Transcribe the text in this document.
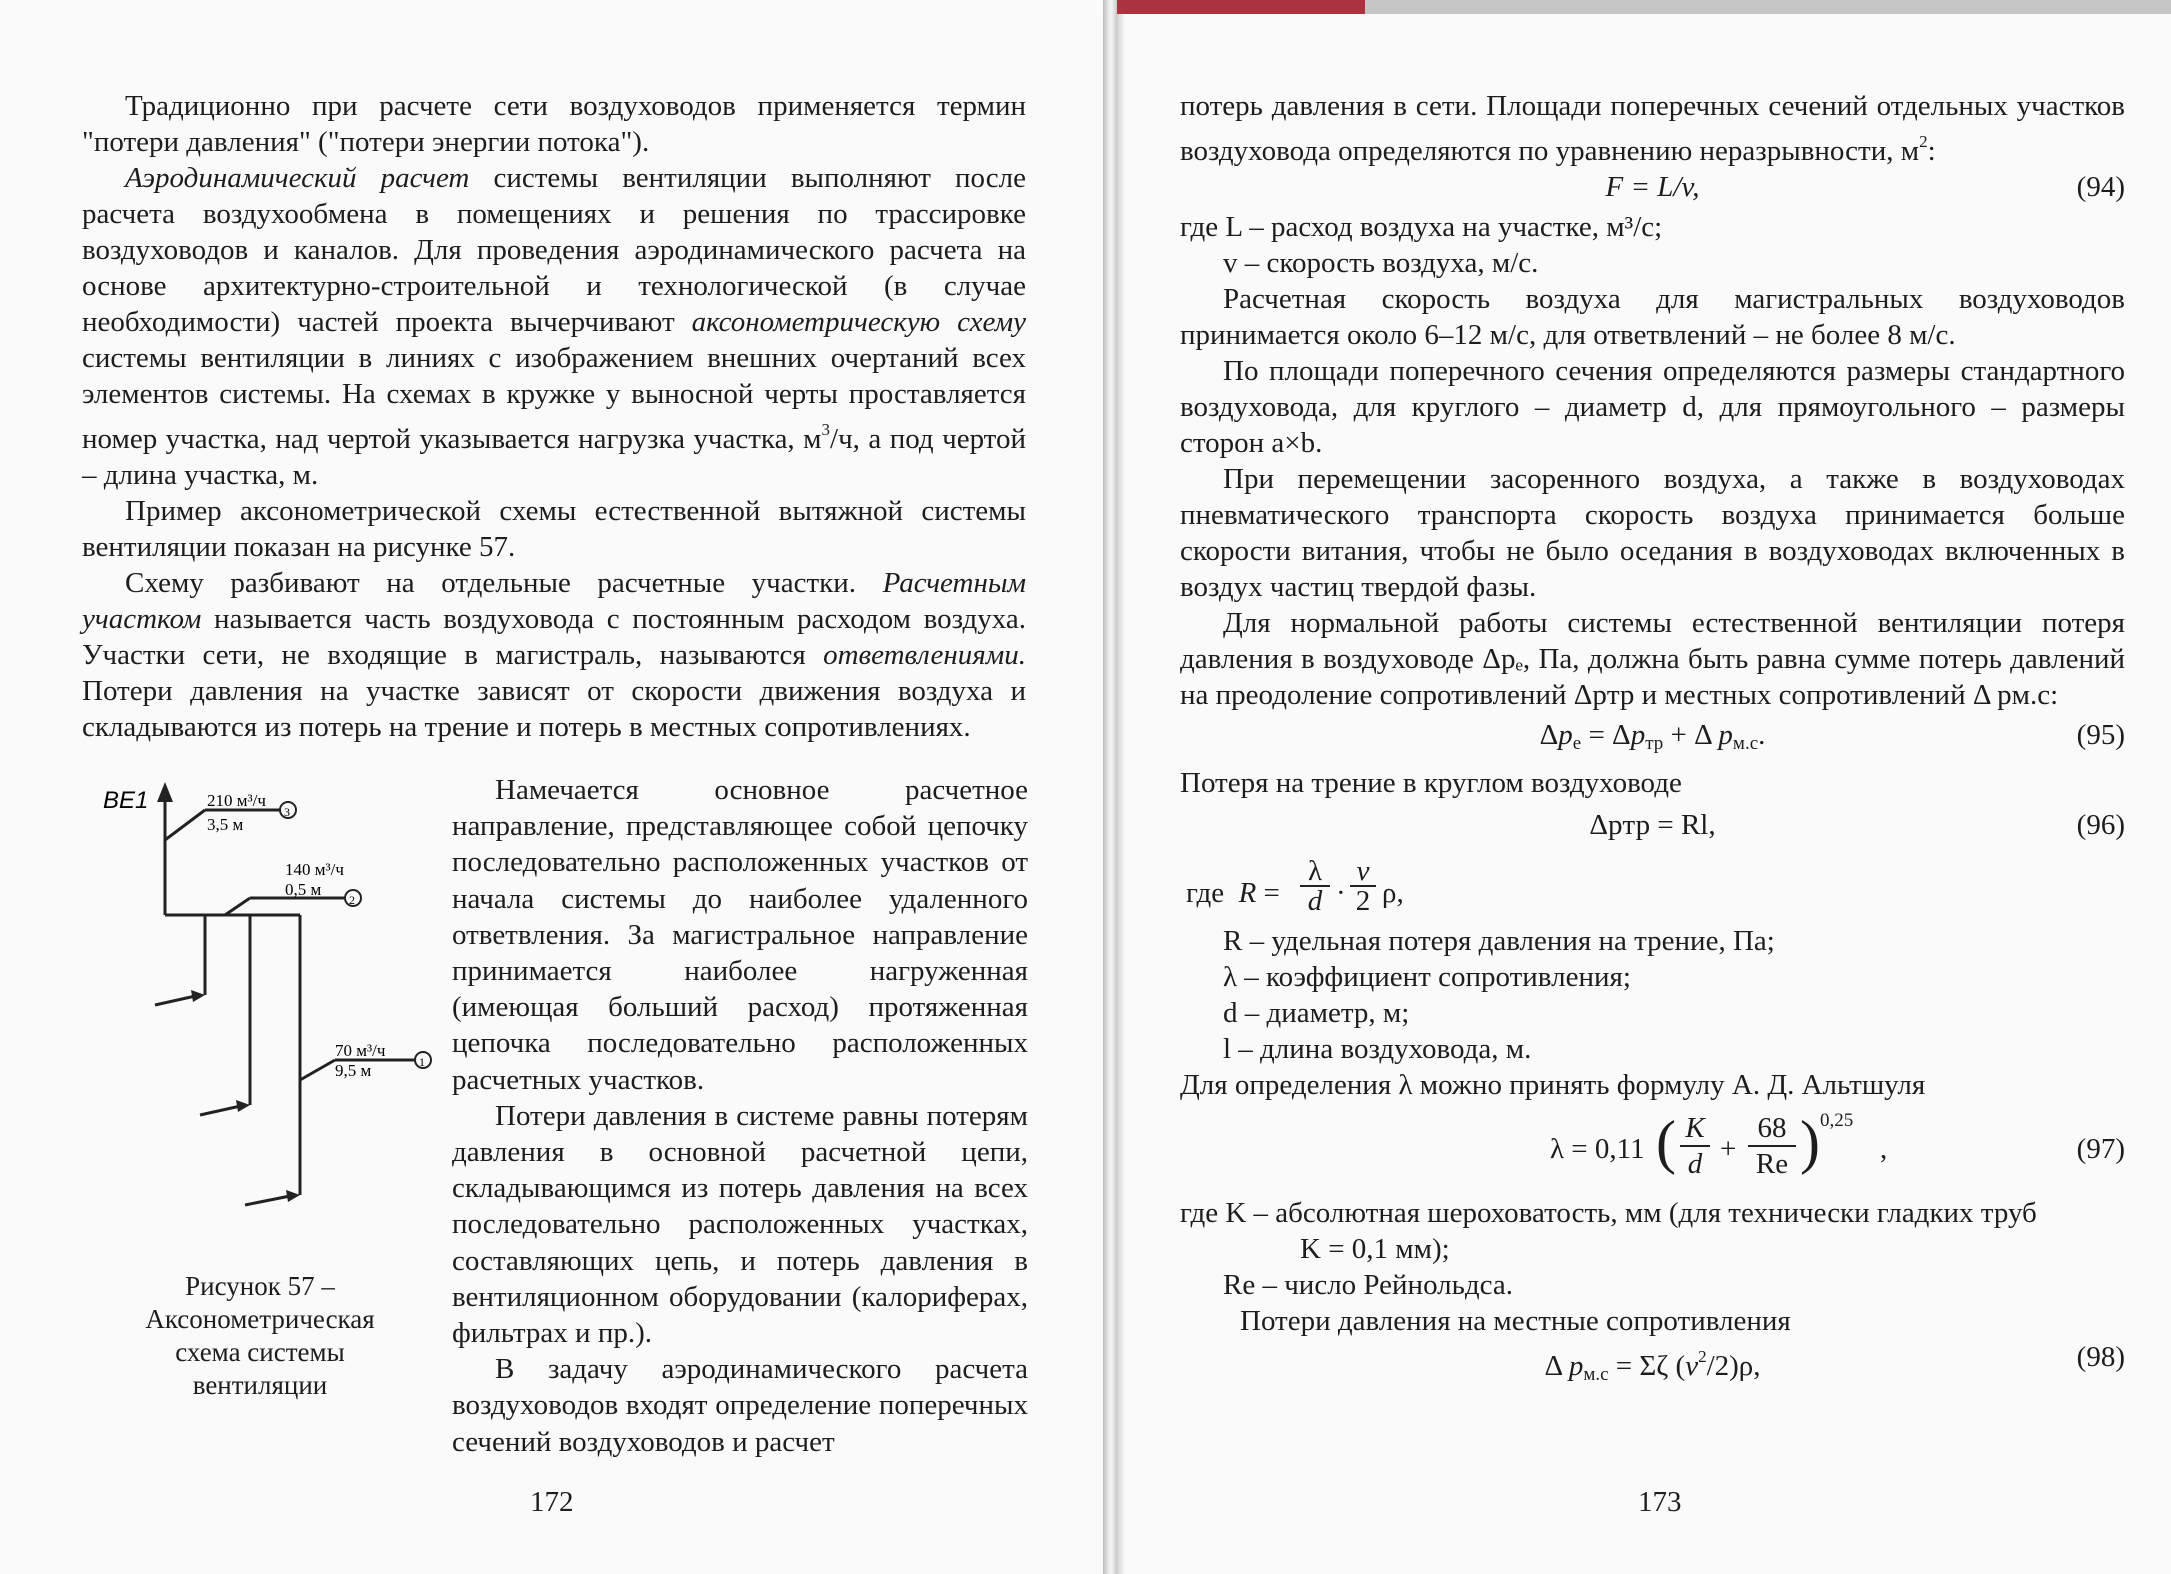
Традиционно при расчете сети воздуховодов применяется термин "потери давления" ("потери энергии потока").

Аэродинамический расчет системы вентиляции выполняют после расчета воздухообмена в помещениях и решения по трассировке воздуховодов и каналов. Для проведения аэродинамического расчета на основе архитектурно-строительной и технологической (в случае необходимости) частей проекта вычерчивают аксонометрическую схему системы вентиляции в линиях с изображением внешних очертаний всех элементов системы. На схемах в кружке у выносной черты проставляется номер участка, над чертой указывается нагрузка участка, $м^3/ч$, а под чертой – длина участка, м.

Пример аксонометрической схемы естественной вытяжной системы вентиляции показан на рисунке 57.

Схему разбивают на отдельные расчетные участки. Расчетным участком называется часть воздуховода с постоянным расходом воздуха. Участки сети, не входящие в магистраль, называются ответвлениями. Потери давления на участке зависят от скорости движения воздуха и складываются из потерь на трение и потерь в местных сопротивлениях.

BE1	210 м³/ч
3,5 м
3
140 м³/ч
0,5 м
2
70 м³/ч
9,5 м	1
Рисунок 57 –
Аксонометрическая
схема системы
вентиляции

Намечается основное расчетное направление, представляющее собой цепочку последовательно расположенных участков от начала системы до наиболее удаленного ответвления. За магистральное направление принимается наиболее нагруженная (имеющая больший расход) протяженная цепочка последовательно расположенных расчетных участков.

Потери давления в системе равны потерям давления в основной расчетной цепи, складывающимся из потерь давления на всех последовательно расположенных участках, составляющих цепь, и потерь давления в вентиляционном оборудовании (калориферах, фильтрах и пр.).

В задачу аэродинамического расчета воздуховодов входят определение поперечных сечений воздуховодов и расчет

172

потерь давления в сети. Площади поперечных сечений отдельных участков воздуховода определяются по уравнению неразрывности, $м^2$:

F = L/v,	(94)

где L – расход воздуха на участке, м³/с;

v – скорость воздуха, м/с.

Расчетная скорость воздуха для магистральных воздуховодов принимается около 6–12 м/с, для ответвлений – не более 8 м/с.

По площади поперечного сечения определяются размеры стандартного воздуховода, для круглого – диаметр d, для прямоугольного – размеры сторон a×b.

При перемещении засоренного воздуха, а также в воздуховодах пневматического транспорта скорость воздуха принимается больше скорости витания, чтобы не было оседания в воздуховодах включенных в воздух частиц твердой фазы.

Для нормальной работы системы естественной вентиляции потеря давления в воздуховоде Δpₑ, Па, должна быть равна сумме потерь давлений на преодоление сопротивлений Δpтр и местных сопротивлений Δ pм.с:

$\Delta p_е = \Delta p_{тр} + \Delta$ $p_{м.с}$.	(95)

Потеря на трение в круглом воздуховоде

Δpтр = Rl,	(96)
где  R =
λ

d ·
v

2 ρ,

R – удельная потеря давления на трение, Па;

λ – коэффициент сопротивления;

d – диаметр, м;

l – длина воздуховода, м.

Для определения λ можно принять формулу А. Д. Альтшуля

λ = 0,11 ( K

d +
68

Re ) 0,25
,	(97)

где K – абсолютная шероховатость, мм (для технически гладких труб

K = 0,1 мм);

Re – число Рейнольдса.

Потери давления на местные сопротивления

Δ $p_{м.с} = \Sigma\zeta$ $(v^2/2)\rho$,	(98)
173
